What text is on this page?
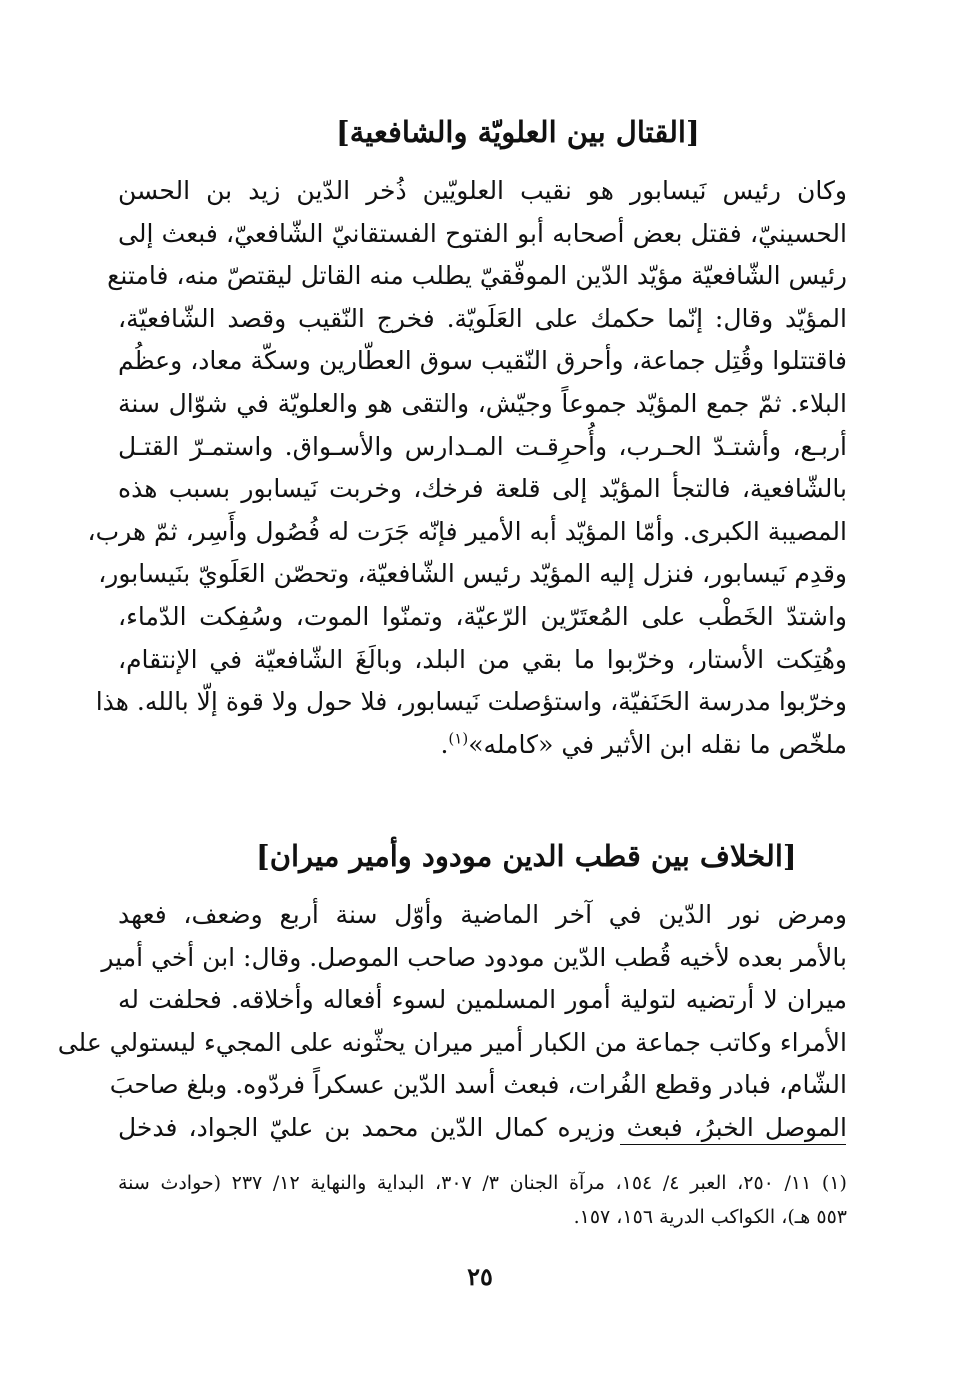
[القتال بين العلويّة والشافعية]

وكان رئيس نَيسابور هو نقيب العلويّين ذُخر الدّين زيد بن الحسن
الحسينيّ، فقتل بعض أصحابه أبو الفتوح الفستقانيّ الشّافعيّ، فبعث إلى
رئيس الشّافعيّة مؤيّد الدّين الموفّقيّ يطلب منه القاتل ليقتصّ منه، فامتنع
المؤيّد وقال: إنّما حكمك على العَلَويّة. فخرج النّقيب وقصد الشّافعيّة،
فاقتتلوا وقُتِل جماعة، وأحرق النّقيب سوق العطّارين وسكّة معاد، وعظُم
البلاء. ثمّ جمع المؤيّد جموعاً وجيّش، والتقى هو والعلويّة في شوّال سنة
أربـع، وأشتـدّ الحـرب، وأُحرِقـت المـدارس والأسـواق. واستمـرّ القتـل
بالشّافعية، فالتجأ المؤيّد إلى قلعة فرخك، وخربت نَيسابور بسبب هذه
المصيبة الكبرى. وأمّا المؤيّد أبه الأمير فإنّه جَرَت له فُصُول وأَسِر، ثمّ هرب،
وقدِم نَيسابور، فنزل إليه المؤيّد رئيس الشّافعيّة، وتحصّن العَلَويّ بنَيسابور،
واشتدّ الخَطْب على المُعتَرّين الرّعيّة، وتمنّوا الموت، وسُفِكت الدّماء،
وهُتِكت الأستار، وخرّبوا ما بقي من البلد، وبالَغَ الشّافعيّة في الإنتقام،
وخرّبوا مدرسة الحَنَفيّة، واستؤصلت نَيسابور، فلا حول ولا قوة إلّا بالله. هذا
ملخّص ما نقله ابن الأثير في «كامله»$^{(١)}$.

[الخلاف بين قطب الدين مودود وأمير ميران]

ومرض نور الدّين في آخر الماضية وأوّل سنة أربع وضعف، فعهد
بالأمر بعده لأخيه قُطب الدّين مودود صاحب الموصل. وقال: ابن أخي أمير
ميران لا أرتضيه لتولية أمور المسلمين لسوء أفعاله وأخلاقه. فحلفت له
الأمراء وكاتب جماعة من الكبار أمير ميران يحثّونه على المجيء ليستولي على
الشّام، فبادر وقطع الفُرات، فبعث أسد الدّين عسكراً فردّوه. وبلغ صاحبَ
الموصل الخبرُ، فبعث وزيره كمال الدّين محمد بن عليّ الجواد، فدخل

(١) ١١/ ٢٥٠، العبر ٤/ ١٥٤، مرآة الجنان ٣/ ٣٠٧، البداية والنهاية ١٢/ ٢٣٧ (حوادث سنة
٥٥٣ هـ)، الكواكب الدرية ١٥٦، ١٥٧.

٢٥
